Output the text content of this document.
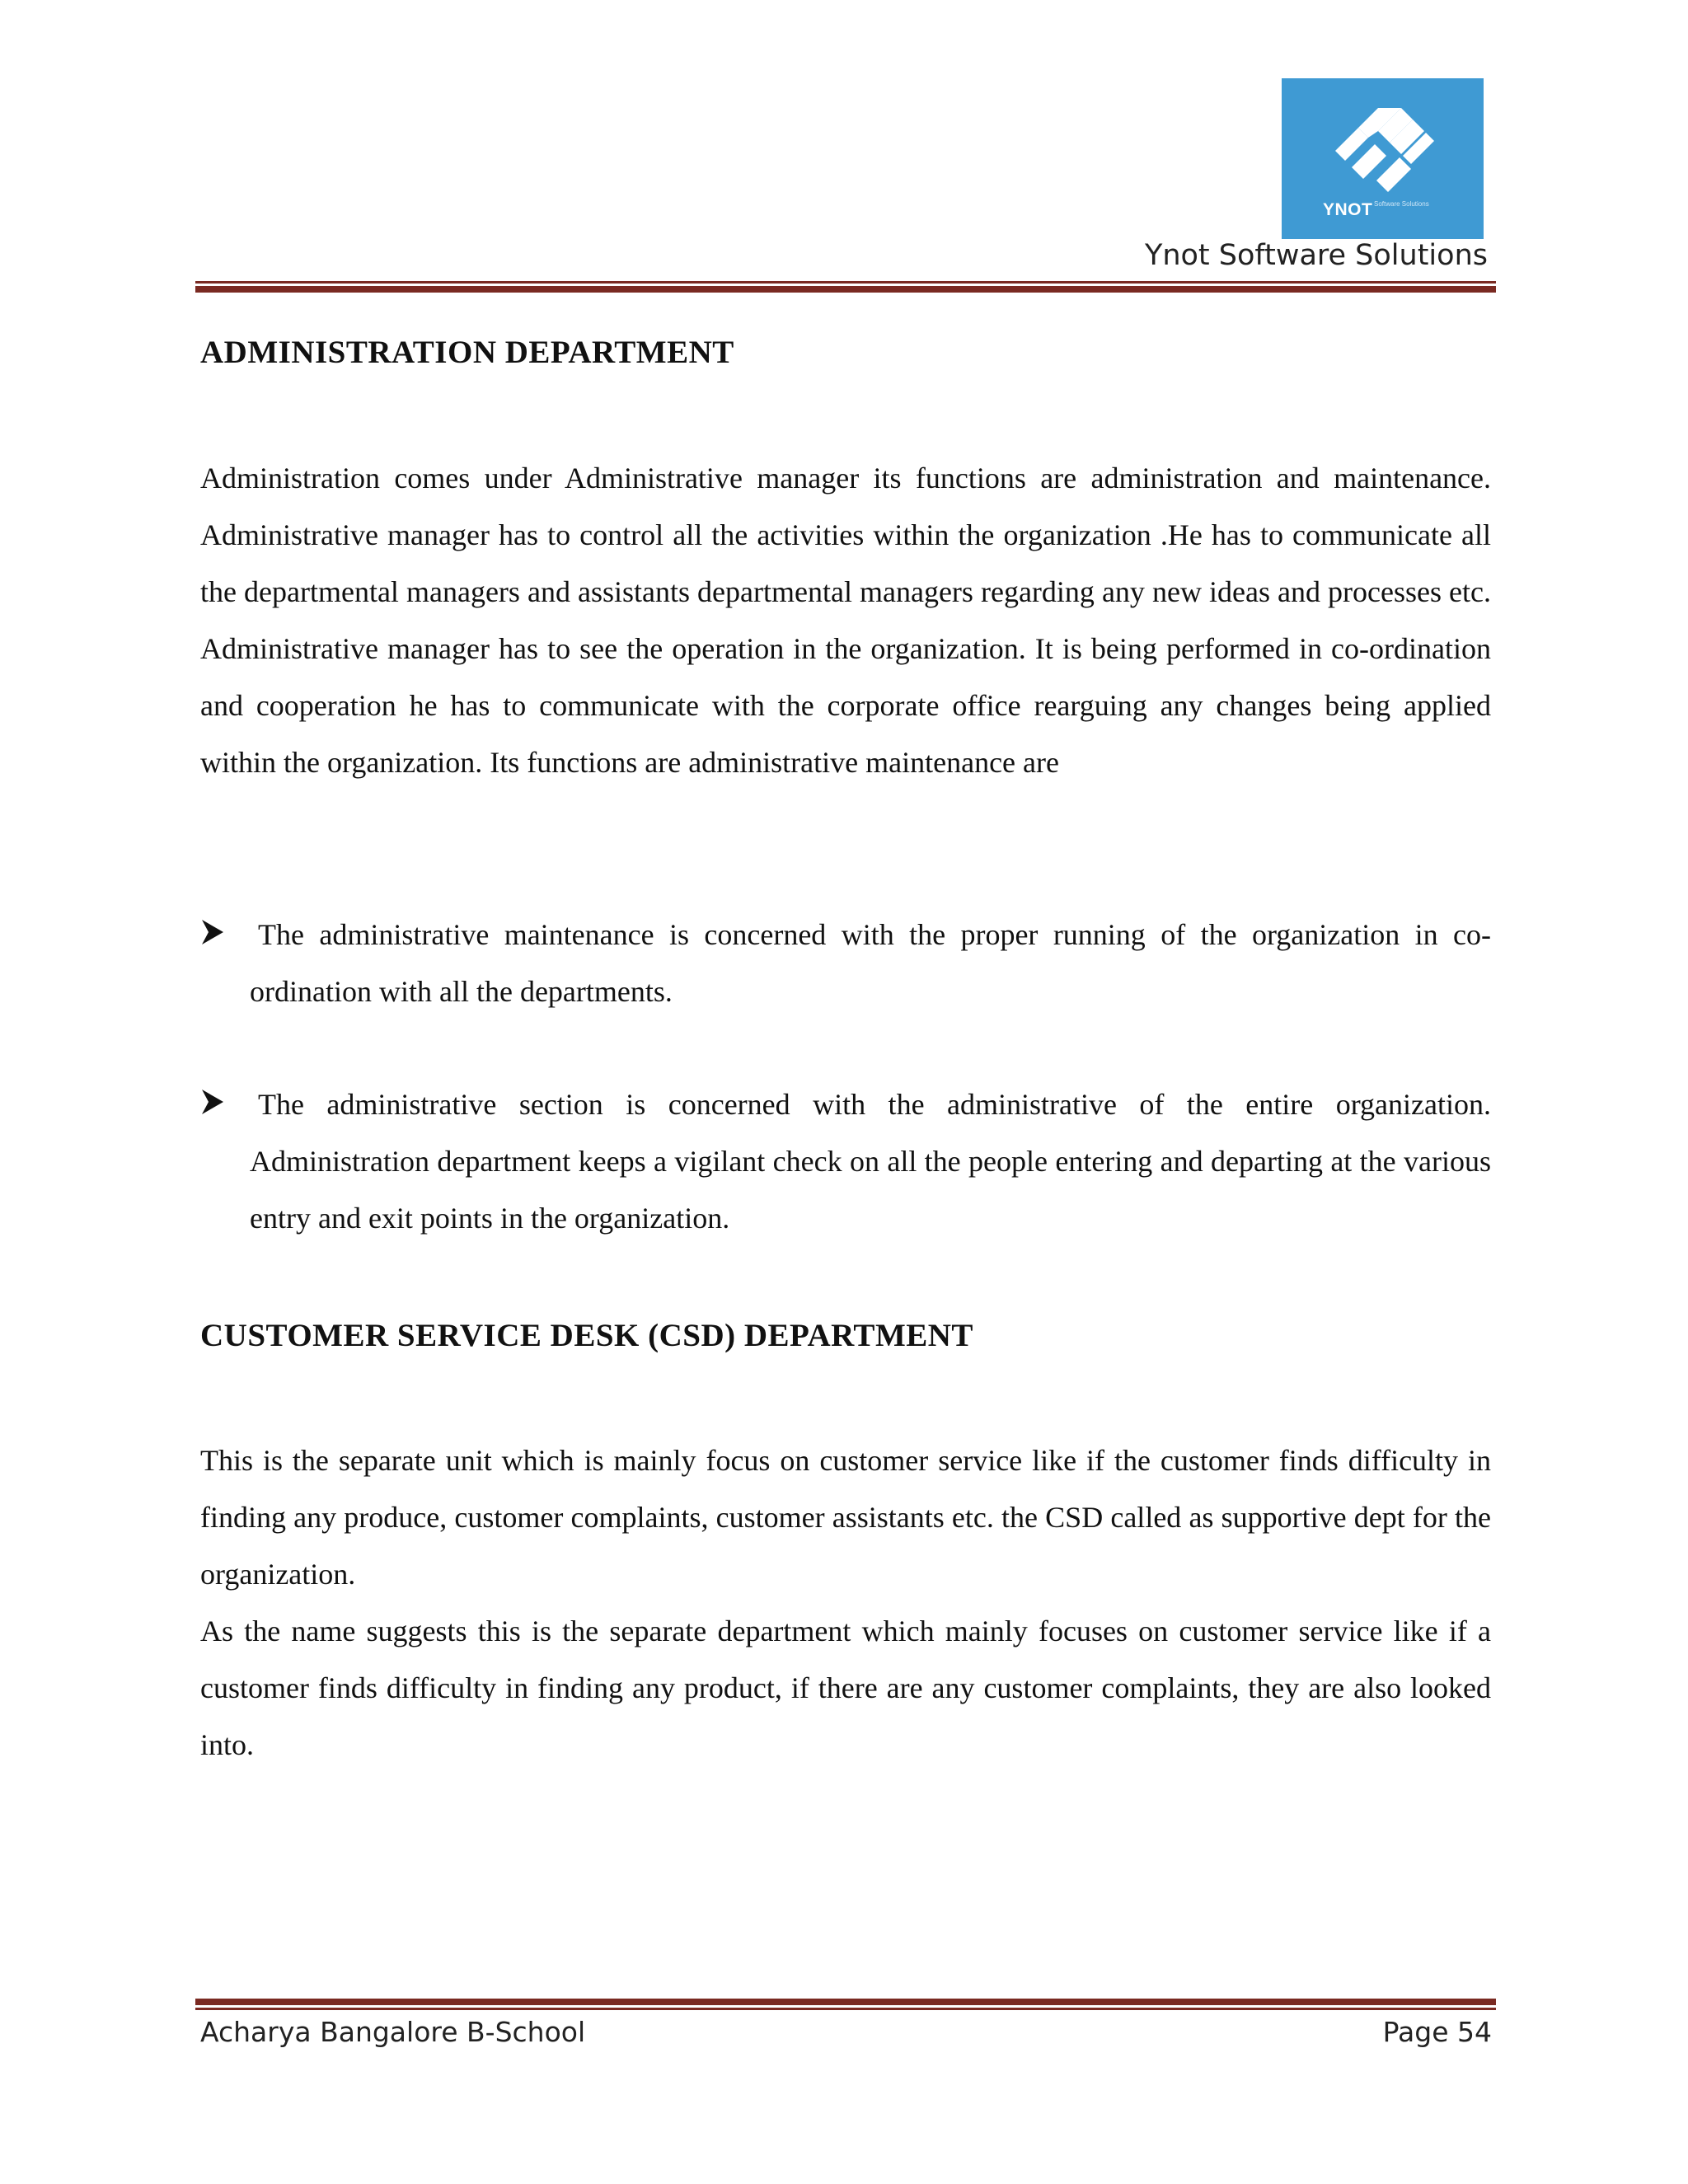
YNOT Software Solutions
Ynot Software Solutions
ADMINISTRATION DEPARTMENT

Administration comes under Administrative manager its functions are administration and maintenance. Administrative manager has to control all the activities within the organization .He has to communicate all the departmental managers and assistants departmental managers regarding any new ideas and processes etc. Administrative manager has to see the operation in the organization. It is being performed in co-ordination and cooperation he has to communicate with the corporate office rearguing any changes being applied within the organization. Its functions are administrative maintenance are

The administrative maintenance is concerned with the proper running of the organization in co-ordination with all the departments.

The administrative section is concerned with the administrative of the entire organization. Administration department keeps a vigilant check on all the people entering and departing at the various entry and exit points in the organization.

CUSTOMER SERVICE DESK (CSD) DEPARTMENT

This is the separate unit which is mainly focus on customer service like if the customer finds difficulty in finding any produce, customer complaints, customer assistants etc. the CSD called as supportive dept for the organization.

As the name suggests this is the separate department which mainly focuses on customer service like if a customer finds difficulty in finding any product, if there are any customer complaints, they are also looked into.

Acharya Bangalore B-School	Page 54
